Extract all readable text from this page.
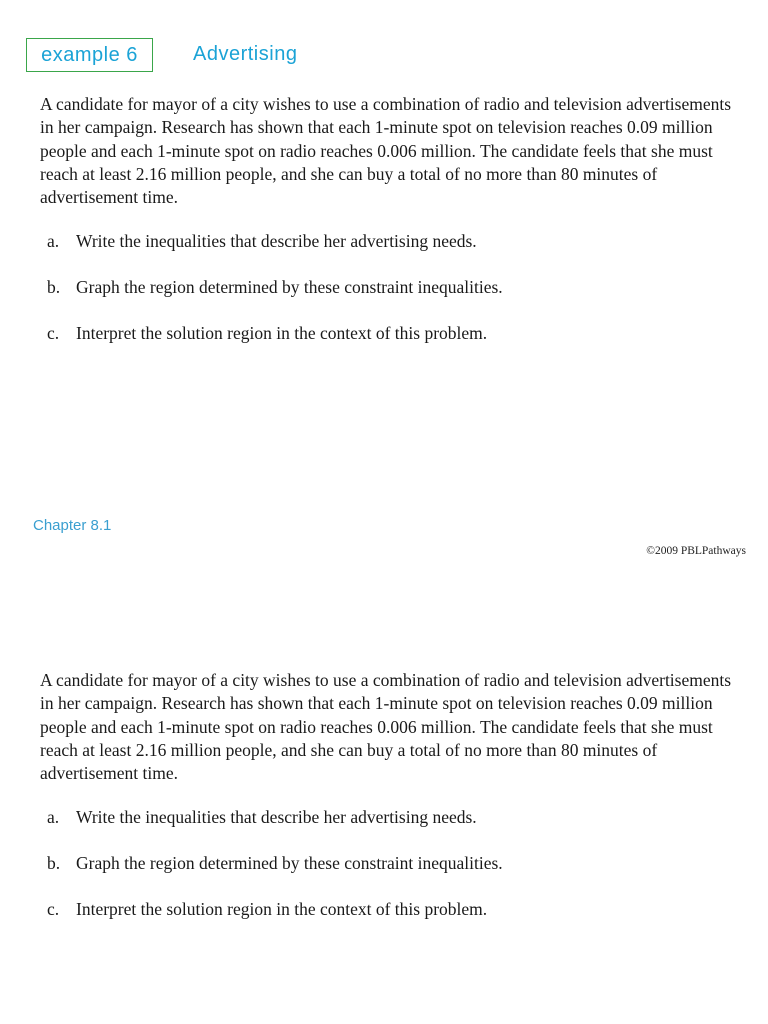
example 6	Advertising

A candidate for mayor of a city wishes to use a combination of radio and television advertisements in her campaign. Research has shown that each 1-minute spot on television reaches 0.09 million people and each 1-minute spot on radio reaches 0.006 million. The candidate feels that she must reach at least 2.16 million people, and she can buy a total of no more than 80 minutes of advertisement time.

a. Write the inequalities that describe her advertising needs.
b. Graph the region determined by these constraint inequalities.
c. Interpret the solution region in the context of this problem.
Chapter 8.1
©2009 PBLPathways

A candidate for mayor of a city wishes to use a combination of radio and television advertisements in her campaign. Research has shown that each 1-minute spot on television reaches 0.09 million people and each 1-minute spot on radio reaches 0.006 million. The candidate feels that she must reach at least 2.16 million people, and she can buy a total of no more than 80 minutes of advertisement time.

a. Write the inequalities that describe her advertising needs.
b. Graph the region determined by these constraint inequalities.
c. Interpret the solution region in the context of this problem.
